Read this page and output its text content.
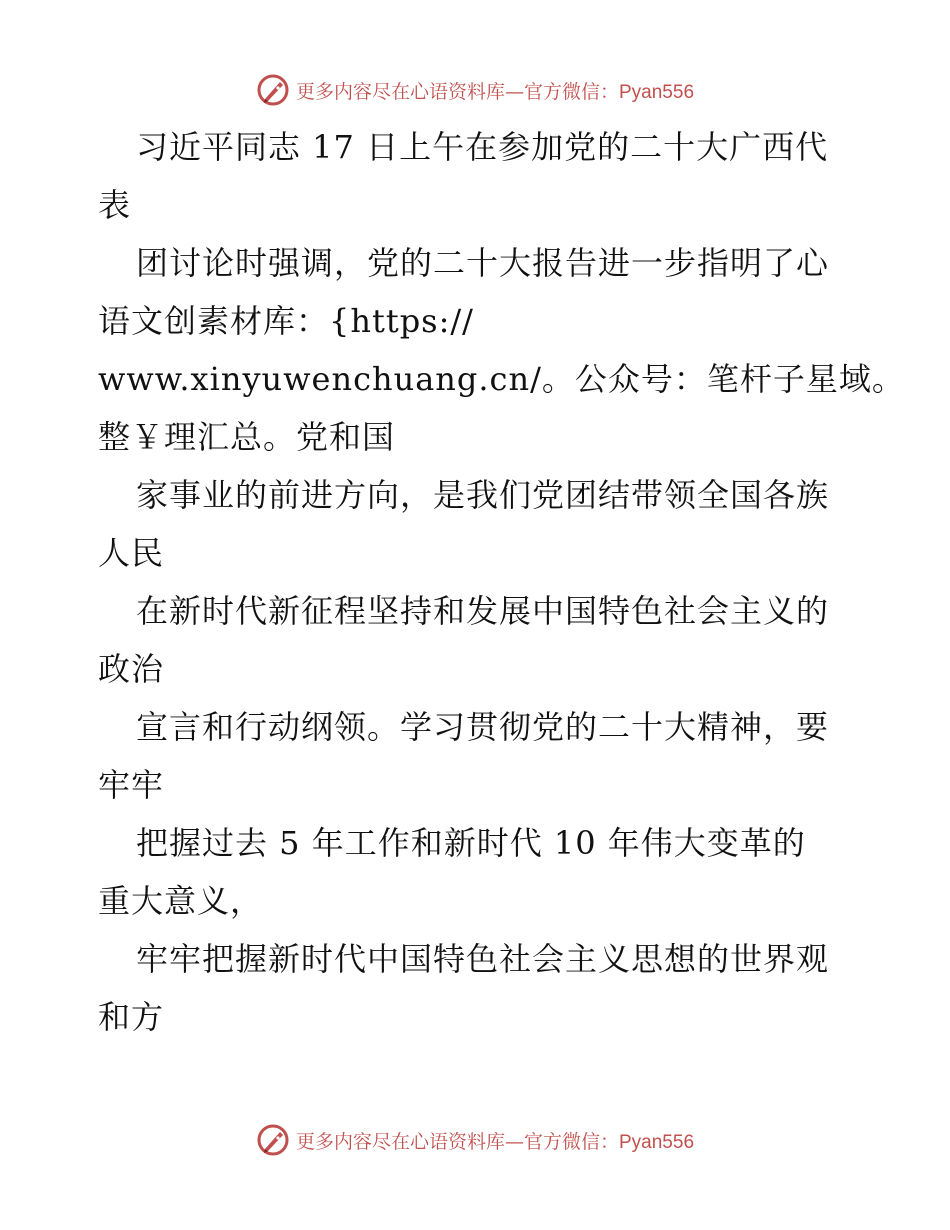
更多内容尽在心语资料库—官方微信：Pyan556
习近平同志 17 日上午在参加党的二十大广西代
表
团讨论时强调，党的二十大报告进一步指明了心
语文创素材库：{https://
www.xinyuwenchuang.cn/。公众号：笔杆子星域。
整￥理汇总。党和国
家事业的前进方向，是我们党团结带领全国各族
人民
在新时代新征程坚持和发展中国特色社会主义的
政治
宣言和行动纲领。学习贯彻党的二十大精神，要
牢牢
把握过去 5 年工作和新时代 10 年伟大变革的
重大意义，
牢牢把握新时代中国特色社会主义思想的世界观
和方
更多内容尽在心语资料库—官方微信：Pyan556
